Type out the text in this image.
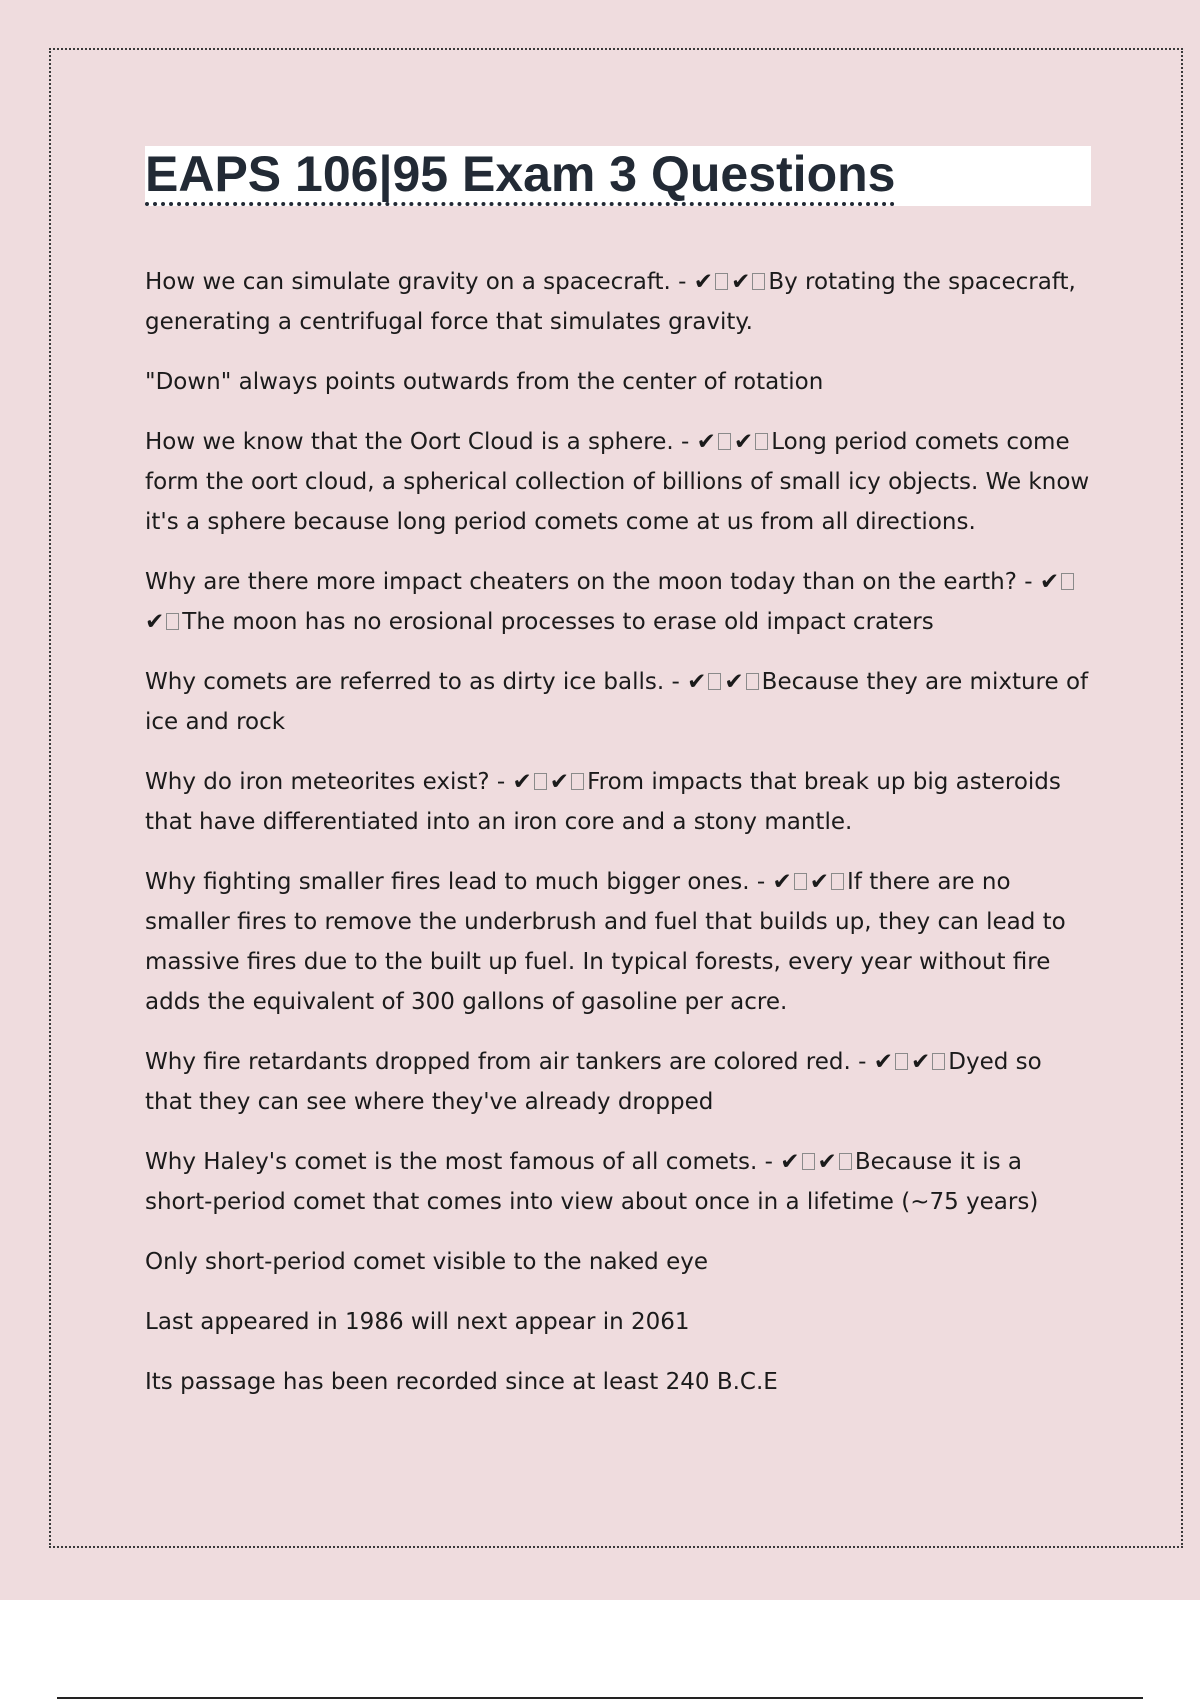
EAPS 106|95 Exam 3 Questions

How we can simulate gravity on a spacecraft. - ✔ ✔ By rotating the spacecraft, generating a centrifugal force that simulates gravity.

"Down" always points outwards from the center of rotation

How we know that the Oort Cloud is a sphere. - ✔ ✔ Long period comets come form the oort cloud, a spherical collection of billions of small icy objects. We know it's a sphere because long period comets come at us from all directions.

Why are there more impact cheaters on the moon today than on the earth? - ✔✔ The moon has no erosional processes to erase old impact craters

Why comets are referred to as dirty ice balls. - ✔ ✔ Because they are mixture of ice and rock

Why do iron meteorites exist? - ✔ ✔ From impacts that break up big asteroids that have differentiated into an iron core and a stony mantle.

Why fighting smaller fires lead to much bigger ones. - ✔ ✔ If there are no smaller fires to remove the underbrush and fuel that builds up, they can lead to massive fires due to the built up fuel. In typical forests, every year without fire adds the equivalent of 300 gallons of gasoline per acre.

Why fire retardants dropped from air tankers are colored red. - ✔ ✔ Dyed so that they can see where they've already dropped

Why Haley's comet is the most famous of all comets. - ✔ ✔ Because it is a short-period comet that comes into view about once in a lifetime (~75 years)

Only short-period comet visible to the naked eye

Last appeared in 1986 will next appear in 2061

Its passage has been recorded since at least 240 B.C.E
